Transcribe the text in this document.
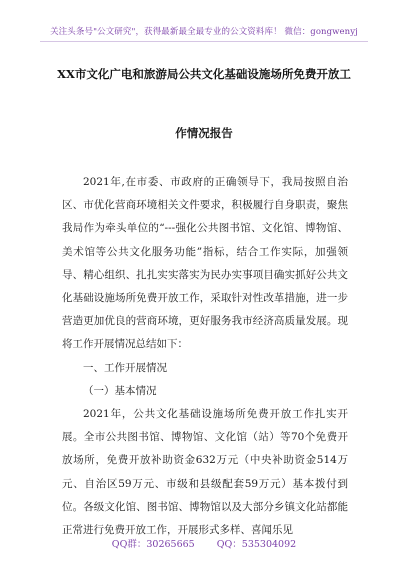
关注头条号"公文研究"，获得最新最全最专业的公文资料库！ 微信：gongwenyj
XX市文化广电和旅游局公共文化基础设施场所免费开放工
作情况报告

2021年,在市委、市政府的正确领导下，我局按照自治区、市优化营商环境相关文件要求，积极履行自身职责，聚焦我局作为牵头单位的“---强化公共图书馆、文化馆、博物馆、美术馆等公共文化服务功能”指标，结合工作实际，加强领导、精心组织、扎扎实实落实为民办实事项目确实抓好公共文化基础设施场所免费开放工作，采取针对性改革措施，进一步营造更加优良的营商环境，更好服务我市经济高质量发展。现将工作开展情况总结如下：

一、工作开展情况

（一）基本情况

2021年，公共文化基础设施场所免费开放工作扎实开展。全市公共图书馆、博物馆、文化馆（站）等70个免费开放场所，免费开放补助资金632万元（中央补助资金514万元、自治区59万元、市级和县级配套59万元）基本拨付到位。各级文化馆、图书馆、博物馆以及大部分乡镇文化站都能正常进行免费开放工作，开展形式多样、喜闻乐见

QQ群：30265665 QQ：535304092
